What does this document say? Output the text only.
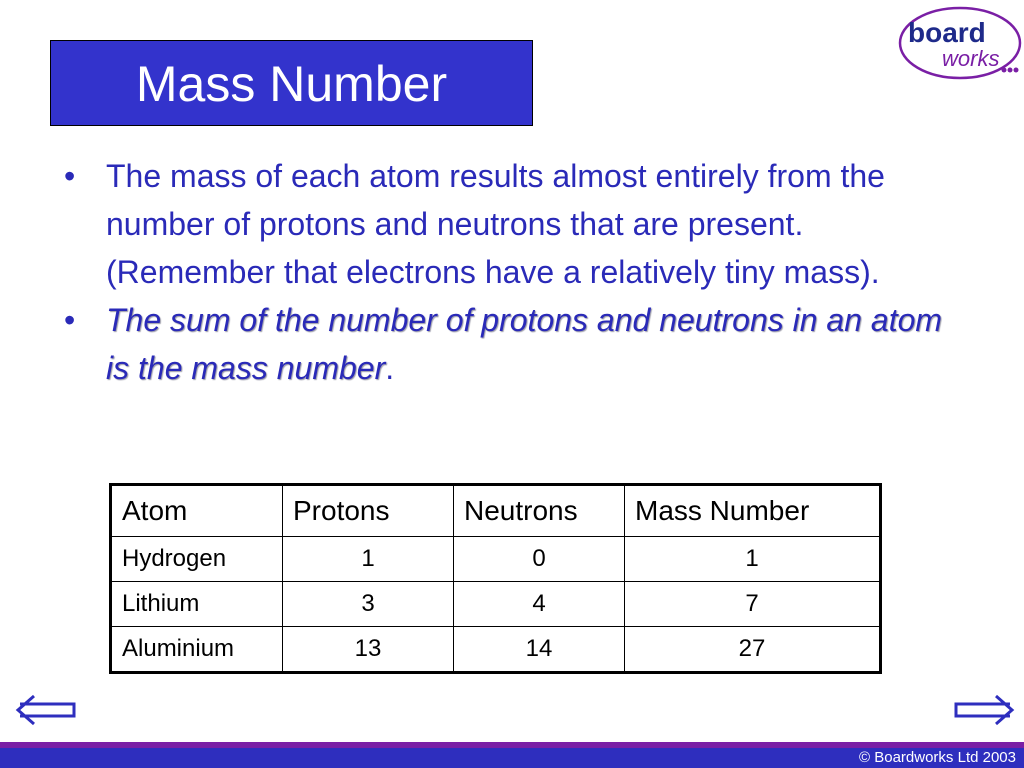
Mass Number
board
works
• The mass of each atom results almost entirely from the number of protons and neutrons that are present. (Remember that electrons have a relatively tiny mass).
• The sum of the number of protons and neutrons in an atom is the mass number.
Atom	Protons	Neutrons	Mass Number
Hydrogen	1	0	1
Lithium	3	4	7
Aluminium	13	14	27
© Boardworks Ltd 2003
